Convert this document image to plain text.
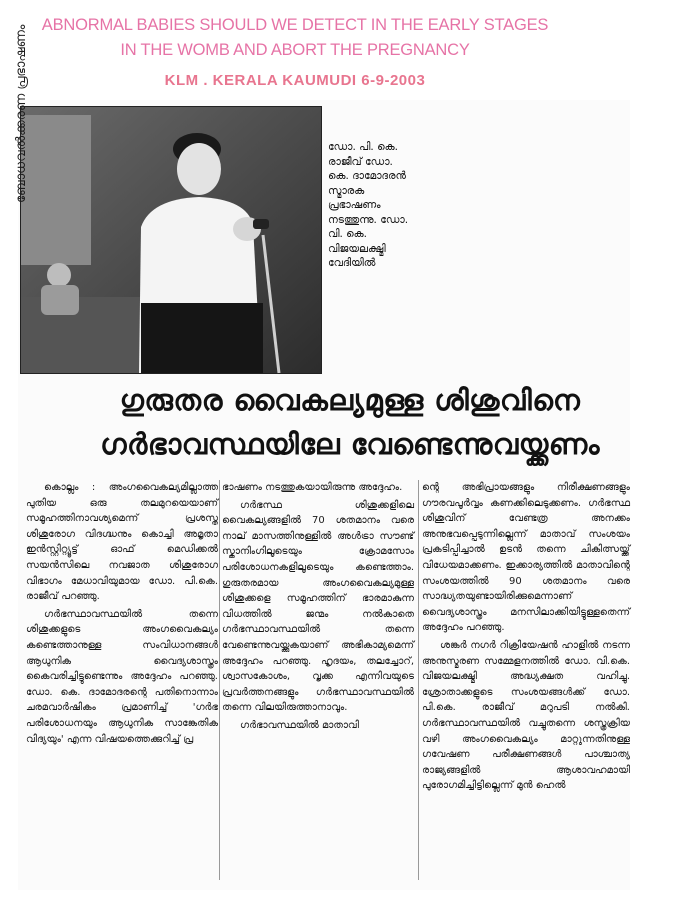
ABNORMAL BABIES SHOULD WE DETECT IN THE EARLY STAGES
IN THE WOMB AND ABORT THE PREGNANCY
KLM . KERALA KAUMUDI 6-9-2003
ബോധവൽക്കരണ പ്രഭാഷണം	ഡോ. പി. കെ. രാജീവ് ഡോ. കെ. ദാമോദരൻ സ്മാരക പ്രഭാഷണം നടത്തുന്നു. ഡോ. വി. കെ. വിജയലക്ഷ്മി വേദിയിൽ
ഗുരുതര വൈകല്യമുള്ള ശിശുവിനെ
ഗർഭാവസ്ഥയിലേ വേണ്ടെന്നുവയ്ക്കണം

കൊല്ലം : അംഗവൈകല്യമില്ലാത്ത പുതിയ ഒരു തലമുറയെയാണ് സമൂഹത്തിനാവശ്യമെന്ന് പ്രശസ്ത ശിശുരോഗ വിദഗ്ദ്ധനും കൊച്ചി അമൃതാ ഇൻസ്റ്റിറ്റ്യൂട്ട് ഓഫ് മെഡിക്കൽ സയൻസിലെ നവജാത ശിശുരോഗ വിഭാഗം മേധാവിയുമായ ഡോ. പി.കെ. രാജീവ് പറഞ്ഞു.

ഗർഭസ്ഥാവസ്ഥയിൽ തന്നെ ശിശുക്കളുടെ അംഗവൈകല്യം കണ്ടെത്താനുള്ള സംവിധാനങ്ങൾ ആധുനിക വൈദ്യശാസ്ത്രം കൈവരിച്ചിട്ടുണ്ടെന്നും അദ്ദേഹം പറഞ്ഞു. ഡോ. കെ. ദാമോദരന്റെ പതിനൊന്നാം ചരമവാർഷികം പ്രമാണിച്ച് 'ഗർഭ പരിശോധനയും ആധുനിക സാങ്കേതിക വിദ്യയും' എന്ന വിഷയത്തെക്കുറിച്ച് പ്ര

ഭാഷണം നടത്തുകയായിരുന്നു അദ്ദേഹം.

ഗർഭസ്ഥ ശിശുക്കളിലെ വൈകല്യങ്ങളിൽ 70 ശതമാനം വരെ നാല് മാസത്തിനുള്ളിൽ അൾട്രാ സൗണ്ട് സ്കാനിംഗിലൂടെയും ക്രോമസോം പരിശോധനകളിലൂടെയും കണ്ടെത്താം. ഗുരുതരമായ അംഗവൈകല്യമുള്ള ശിശുക്കളെ സമൂഹത്തിന് ഭാരമാകുന്ന വിധത്തിൽ ജന്മം നൽകാതെ ഗർഭസ്ഥാവസ്ഥയിൽ തന്നെ വേണ്ടെന്നുവയ്ക്കുകയാണ് അഭികാമ്യമെന്ന് അദ്ദേഹം പറഞ്ഞു. ഹൃദയം, തലച്ചോറ്, ശ്വാസകോശം, വൃക്ക എന്നിവയുടെ പ്രവർത്തനങ്ങളും ഗർഭസ്ഥാവസ്ഥയിൽ തന്നെ വിലയിരുത്താനാവും.

ഗർഭാവസ്ഥയിൽ മാതാവി

ന്റെ അഭിപ്രായങ്ങളും നിരീക്ഷണങ്ങളും ഗൗരവപൂർവ്വം കണക്കിലെടുക്കണം. ഗർഭസ്ഥ ശിശുവിന് വേണ്ടത്ര അനക്കം അനുഭവപ്പെടുന്നില്ലെന്ന് മാതാവ് സംശയം പ്രകടിപ്പിച്ചാൽ ഉടൻ തന്നെ ചികിത്സയ്ക്ക് വിധേയമാക്കണം. ഇക്കാര്യത്തിൽ മാതാവിന്റെ സംശയത്തിൽ 90 ശതമാനം വരെ സാദ്ധ്യതയുണ്ടായിരിക്കുമെന്നാണ് വൈദ്യശാസ്ത്രം മനസിലാക്കിയിട്ടുള്ളതെന്ന് അദ്ദേഹം പറഞ്ഞു.

ശങ്കർ നഗർ റിക്രിയേഷൻ ഹാളിൽ നടന്ന അനുസ്മരണ സമ്മേളനത്തിൽ ഡോ. വി.കെ. വിജയലക്ഷ്മി അദ്ധ്യക്ഷത വഹിച്ചു. ശ്രോതാക്കളുടെ സംശയങ്ങൾക്ക് ഡോ. പി.കെ. രാജീവ് മറുപടി നൽകി. ഗർഭസ്ഥാവസ്ഥയിൽ വച്ചുതന്നെ ശസ്ത്രക്രിയ വഴി അംഗവൈകല്യം മാറ്റുന്നതിനുള്ള ഗവേഷണ പരീക്ഷണങ്ങൾ പാശ്ചാത്യ രാജ്യങ്ങളിൽ ആശാവഹമായി പുരോഗമിച്ചിട്ടില്ലെന്ന് മുൻ ഹെൽ
